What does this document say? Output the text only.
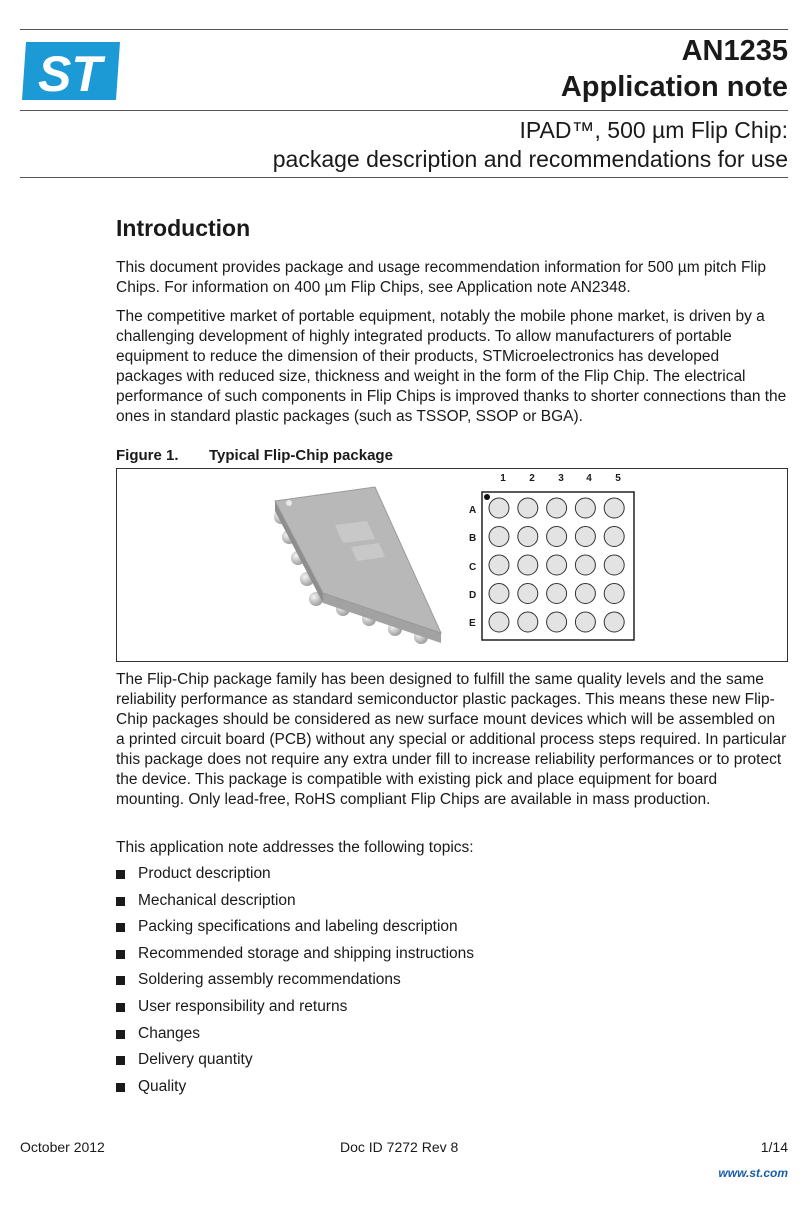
ST	AN1235
Application note
IPAD™, 500 µm Flip Chip:
package description and recommendations for use
Introduction

This document provides package and usage recommendation information for 500 µm pitch Flip Chips. For information on 400 µm Flip Chips, see Application note AN2348.

The competitive market of portable equipment, notably the mobile phone market, is driven by a challenging development of highly integrated products. To allow manufacturers of portable equipment to reduce the dimension of their products, STMicroelectronics has developed packages with reduced size, thickness and weight in the form of the Flip Chip. The electrical performance of such components in Flip Chips is improved thanks to shorter connections than the ones in standard plastic packages (such as TSSOP, SSOP or BGA).

Figure 1. Typical Flip-Chip package
1	2	3	4	5
A
B
C
D
E

The Flip-Chip package family has been designed to fulfill the same quality levels and the same reliability performance as standard semiconductor plastic packages. This means these new Flip-Chip packages should be considered as new surface mount devices which will be assembled on a printed circuit board (PCB) without any special or additional process steps required. In particular this package does not require any extra under fill to increase reliability performances or to protect the device. This package is compatible with existing pick and place equipment for board mounting. Only lead-free, RoHS compliant Flip Chips are available in mass production.

This application note addresses the following topics:

Product description
Mechanical description
Packing specifications and labeling description
Recommended storage and shipping instructions
Soldering assembly recommendations
User responsibility and returns
Changes
Delivery quantity
Quality
October 2012	Doc ID 7272 Rev 8	1/14
www.st.com
